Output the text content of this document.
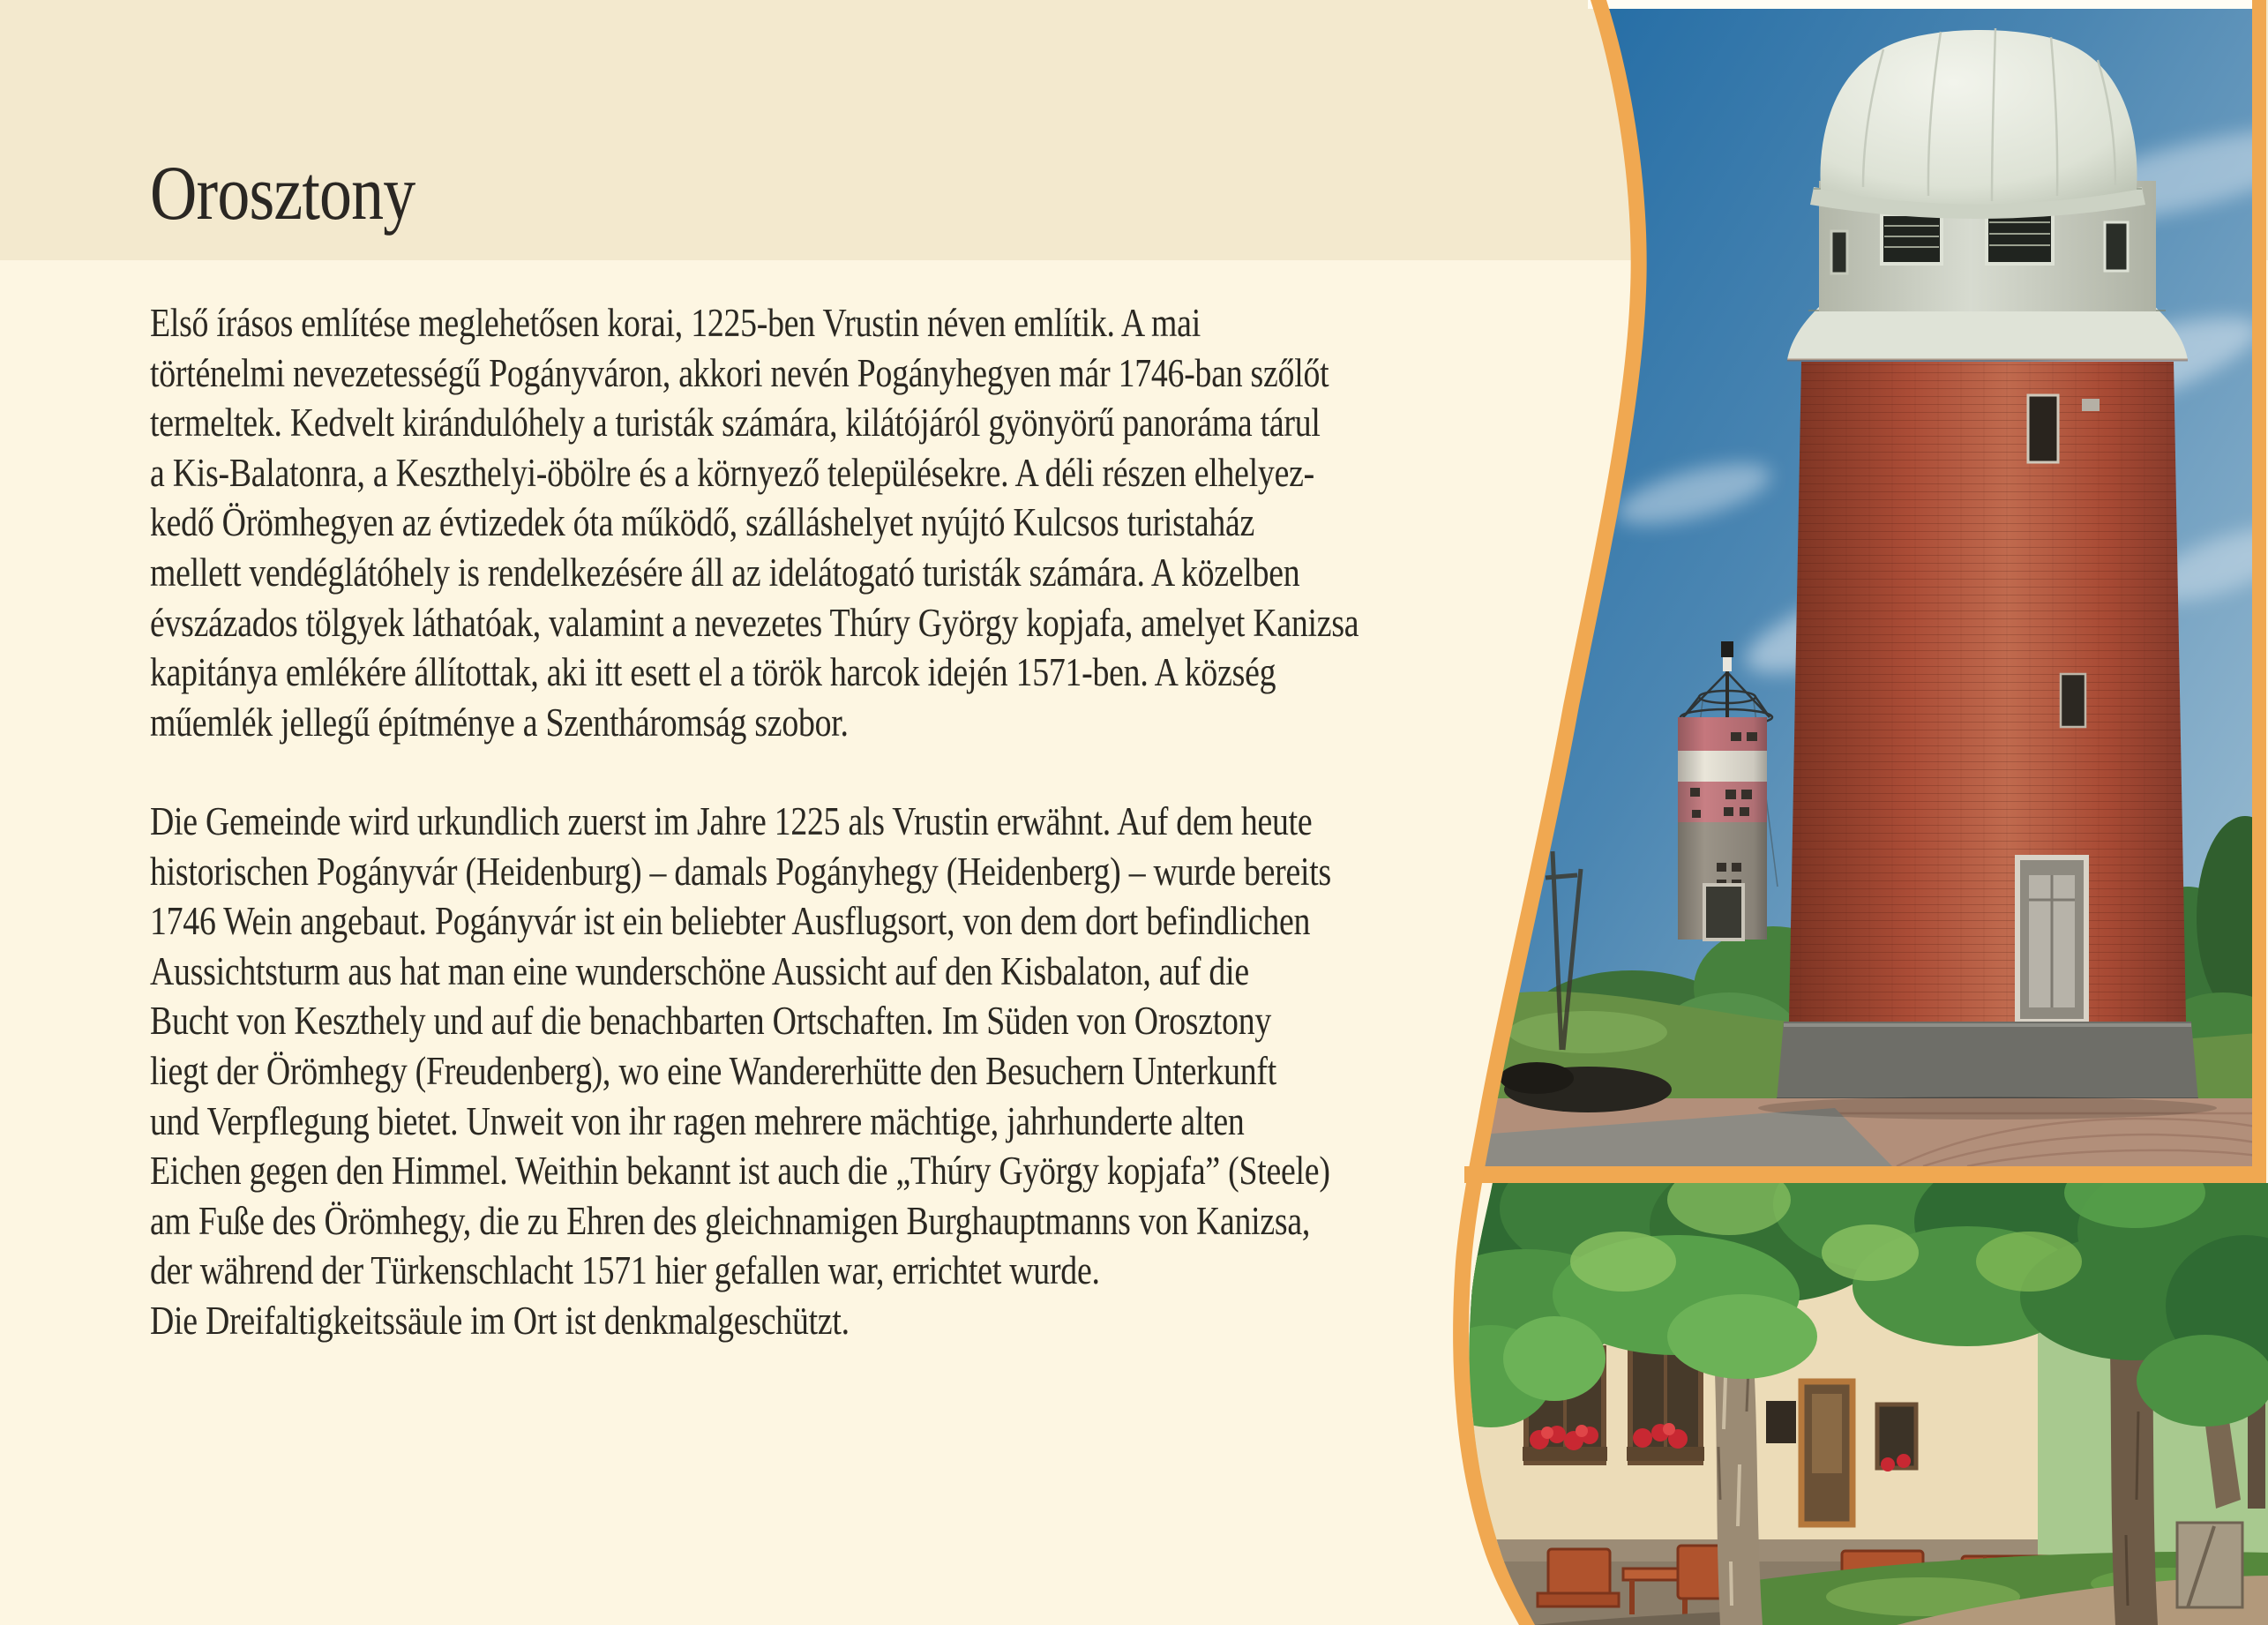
Orosztony
Első írásos említése meglehetősen korai, 1225-ben Vrustin néven említik. A mai
történelmi nevezetességű Pogányváron, akkori nevén Pogányhegyen már 1746-ban szőlőt
termeltek. Kedvelt kirándulóhely a turisták számára, kilátójáról gyönyörű panoráma tárul
a Kis-Balatonra, a Keszthelyi-öbölre és a környező településekre. A déli részen elhelyez-
kedő Örömhegyen az évtizedek óta működő, szálláshelyet nyújtó Kulcsos turistaház
mellett vendéglátóhely is rendelkezésére áll az idelátogató turisták számára. A közelben
évszázados tölgyek láthatóak, valamint a nevezetes Thúry György kopjafa, amelyet Kanizsa
kapitánya emlékére állítottak, aki itt esett el a török harcok idején 1571-ben. A község
műemlék jellegű építménye a Szentháromság szobor.
Die Gemeinde wird urkundlich zuerst im Jahre 1225 als Vrustin erwähnt. Auf dem heute
historischen Pogányvár (Heidenburg) – damals Pogányhegy (Heidenberg) – wurde bereits
1746 Wein angebaut. Pogányvár ist ein beliebter Ausflugsort, von dem dort befindlichen
Aussichtsturm aus hat man eine wunderschöne Aussicht auf den Kisbalaton, auf die
Bucht von Keszthely und auf die benachbarten Ortschaften. Im Süden von Orosztony
liegt der Örömhegy (Freudenberg), wo eine Wandererhütte den Besuchern Unterkunft
und Verpflegung bietet. Unweit von ihr ragen mehrere mächtige, jahrhunderte alten
Eichen gegen den Himmel. Weithin bekannt ist auch die „Thúry György kopjafa” (Steele)
am Fuße des Örömhegy, die zu Ehren des gleichnamigen Burghauptmanns von Kanizsa,
der während der Türkenschlacht 1571 hier gefallen war, errichtet wurde.
Die Dreifaltigkeitssäule im Ort ist denkmalgeschützt.
